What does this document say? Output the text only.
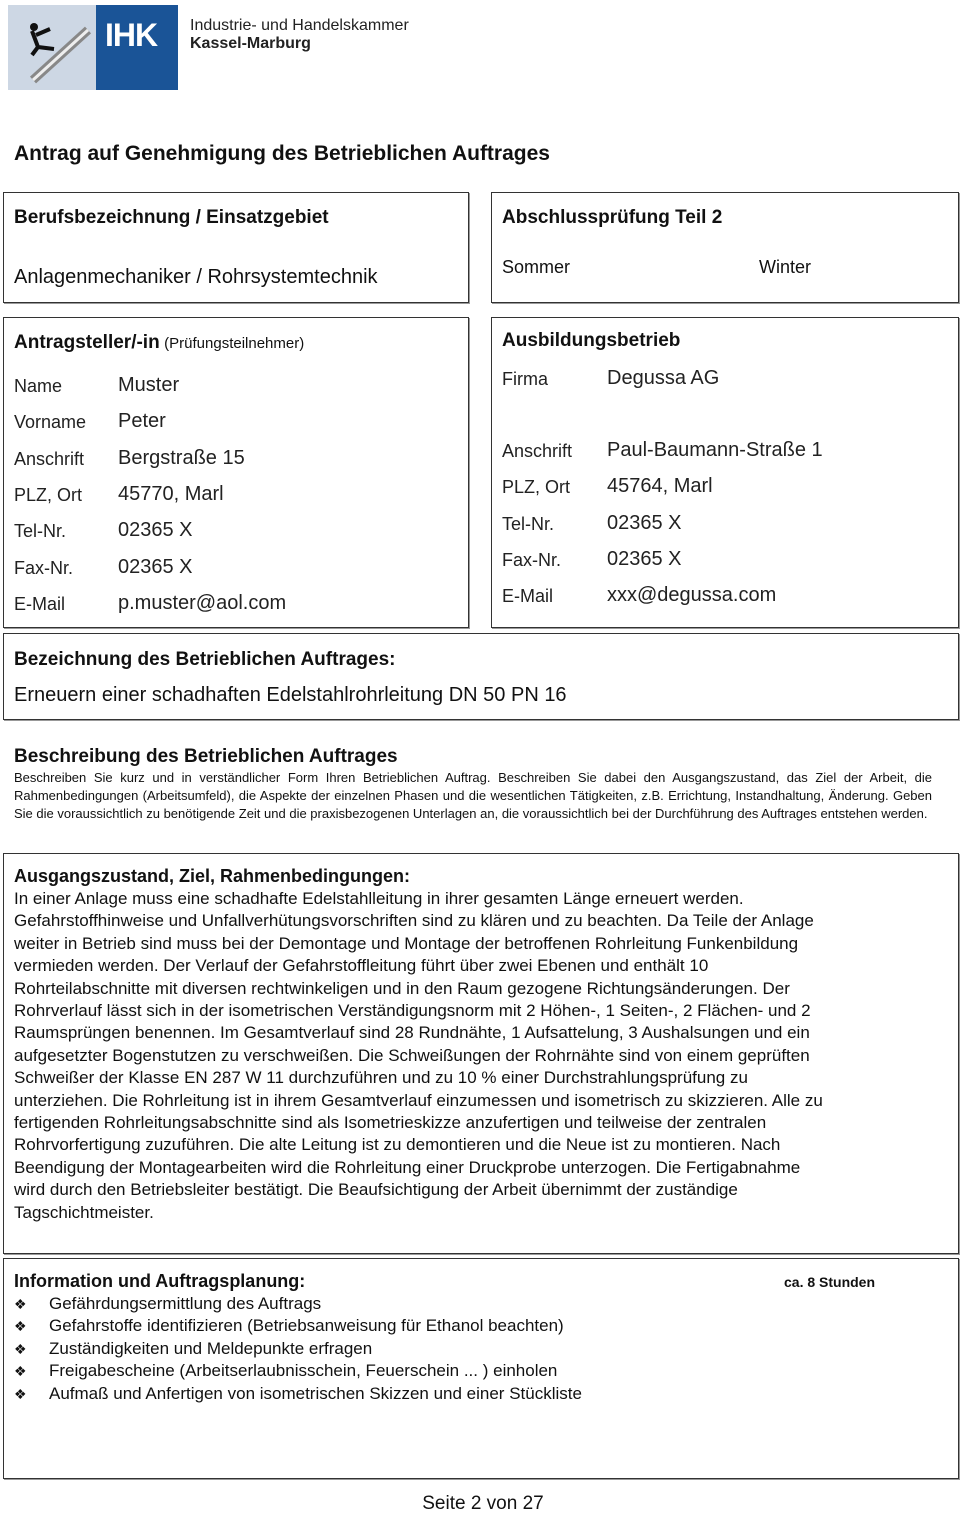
IHK	Industrie- und Handelskammer
Kassel-Marburg
Antrag auf Genehmigung des Betrieblichen Auftrages
Berufsbezeichnung / Einsatzgebiet
Anlagenmechaniker / Rohrsystemtechnik
Abschlussprüfung Teil 2
Sommer	Winter
Antragsteller/-in (Prüfungsteilnehmer)
Name	Muster
Vorname Peter
Anschrift Bergstraße 15
PLZ, Ort 45770, Marl
Tel-Nr.	02365 X
Fax-Nr. 02365 X
E-Mail	p.muster@aol.com
Ausbildungsbetrieb
Firma	Degussa AG
Anschrift Paul-Baumann-Straße 1
PLZ, Ort 45764, Marl
Tel-Nr.	02365 X
Fax-Nr. 02365 X
E-Mail	xxx@degussa.com
Bezeichnung des Betrieblichen Auftrages:
Erneuern einer schadhaften Edelstahlrohrleitung DN 50 PN 16
Beschreibung des Betrieblichen Auftrages
Beschreiben Sie kurz und in verständlicher Form Ihren Betrieblichen Auftrag. Beschreiben Sie dabei den Ausgangszustand, das Ziel der Arbeit, die Rahmenbedingungen (Arbeitsumfeld), die Aspekte der einzelnen Phasen und die wesentlichen Tätigkeiten, z.B. Errichtung, Instandhaltung, Änderung. Geben Sie die voraussichtlich zu benötigende Zeit und die praxisbezogenen Unterlagen an, die voraussichtlich bei der Durchführung des Auftrages entstehen werden.
Ausgangszustand, Ziel, Rahmenbedingungen:
In einer Anlage muss eine schadhafte Edelstahlleitung in ihrer gesamten Länge erneuert werden.
Gefahrstoffhinweise und Unfallverhütungsvorschriften sind zu klären und zu beachten. Da Teile der Anlage
weiter in Betrieb sind muss bei der Demontage und Montage der betroffenen Rohrleitung Funkenbildung
vermieden werden. Der Verlauf der Gefahrstoffleitung führt über zwei Ebenen und enthält 10
Rohrteilabschnitte mit diversen rechtwinkeligen und in den Raum gezogene Richtungsänderungen. Der
Rohrverlauf lässt sich in der isometrischen Verständigungsnorm mit 2 Höhen-, 1 Seiten-, 2 Flächen- und 2
Raumsprüngen benennen. Im Gesamtverlauf sind 28 Rundnähte, 1 Aufsattelung, 3 Aushalsungen und ein
aufgesetzter Bogenstutzen zu verschweißen. Die Schweißungen der Rohrnähte sind von einem geprüften
Schweißer der Klasse EN 287 W 11 durchzuführen und zu 10 % einer Durchstrahlungsprüfung zu
unterziehen. Die Rohrleitung ist in ihrem Gesamtverlauf einzumessen und isometrisch zu skizzieren. Alle zu
fertigenden Rohrleitungsabschnitte sind als Isometrieskizze anzufertigen und teilweise der zentralen
Rohrvorfertigung zuzuführen. Die alte Leitung ist zu demontieren und die Neue ist zu montieren. Nach
Beendigung der Montagearbeiten wird die Rohrleitung einer Druckprobe unterzogen. Die Fertigabnahme
wird durch den Betriebsleiter bestätigt. Die Beaufsichtigung der Arbeit übernimmt der zuständige
Tagschichtmeister.
Information und Auftragsplanung:	ca. 8 Stunden
❖	Gefährdungsermittlung des Auftrags
❖	Gefahrstoffe identifizieren (Betriebsanweisung für Ethanol beachten)
❖	Zuständigkeiten und Meldepunkte erfragen
❖	Freigabescheine (Arbeitserlaubnisschein, Feuerschein ... ) einholen
❖	Aufmaß und Anfertigen von isometrischen Skizzen und einer Stückliste
Seite 2 von 27
